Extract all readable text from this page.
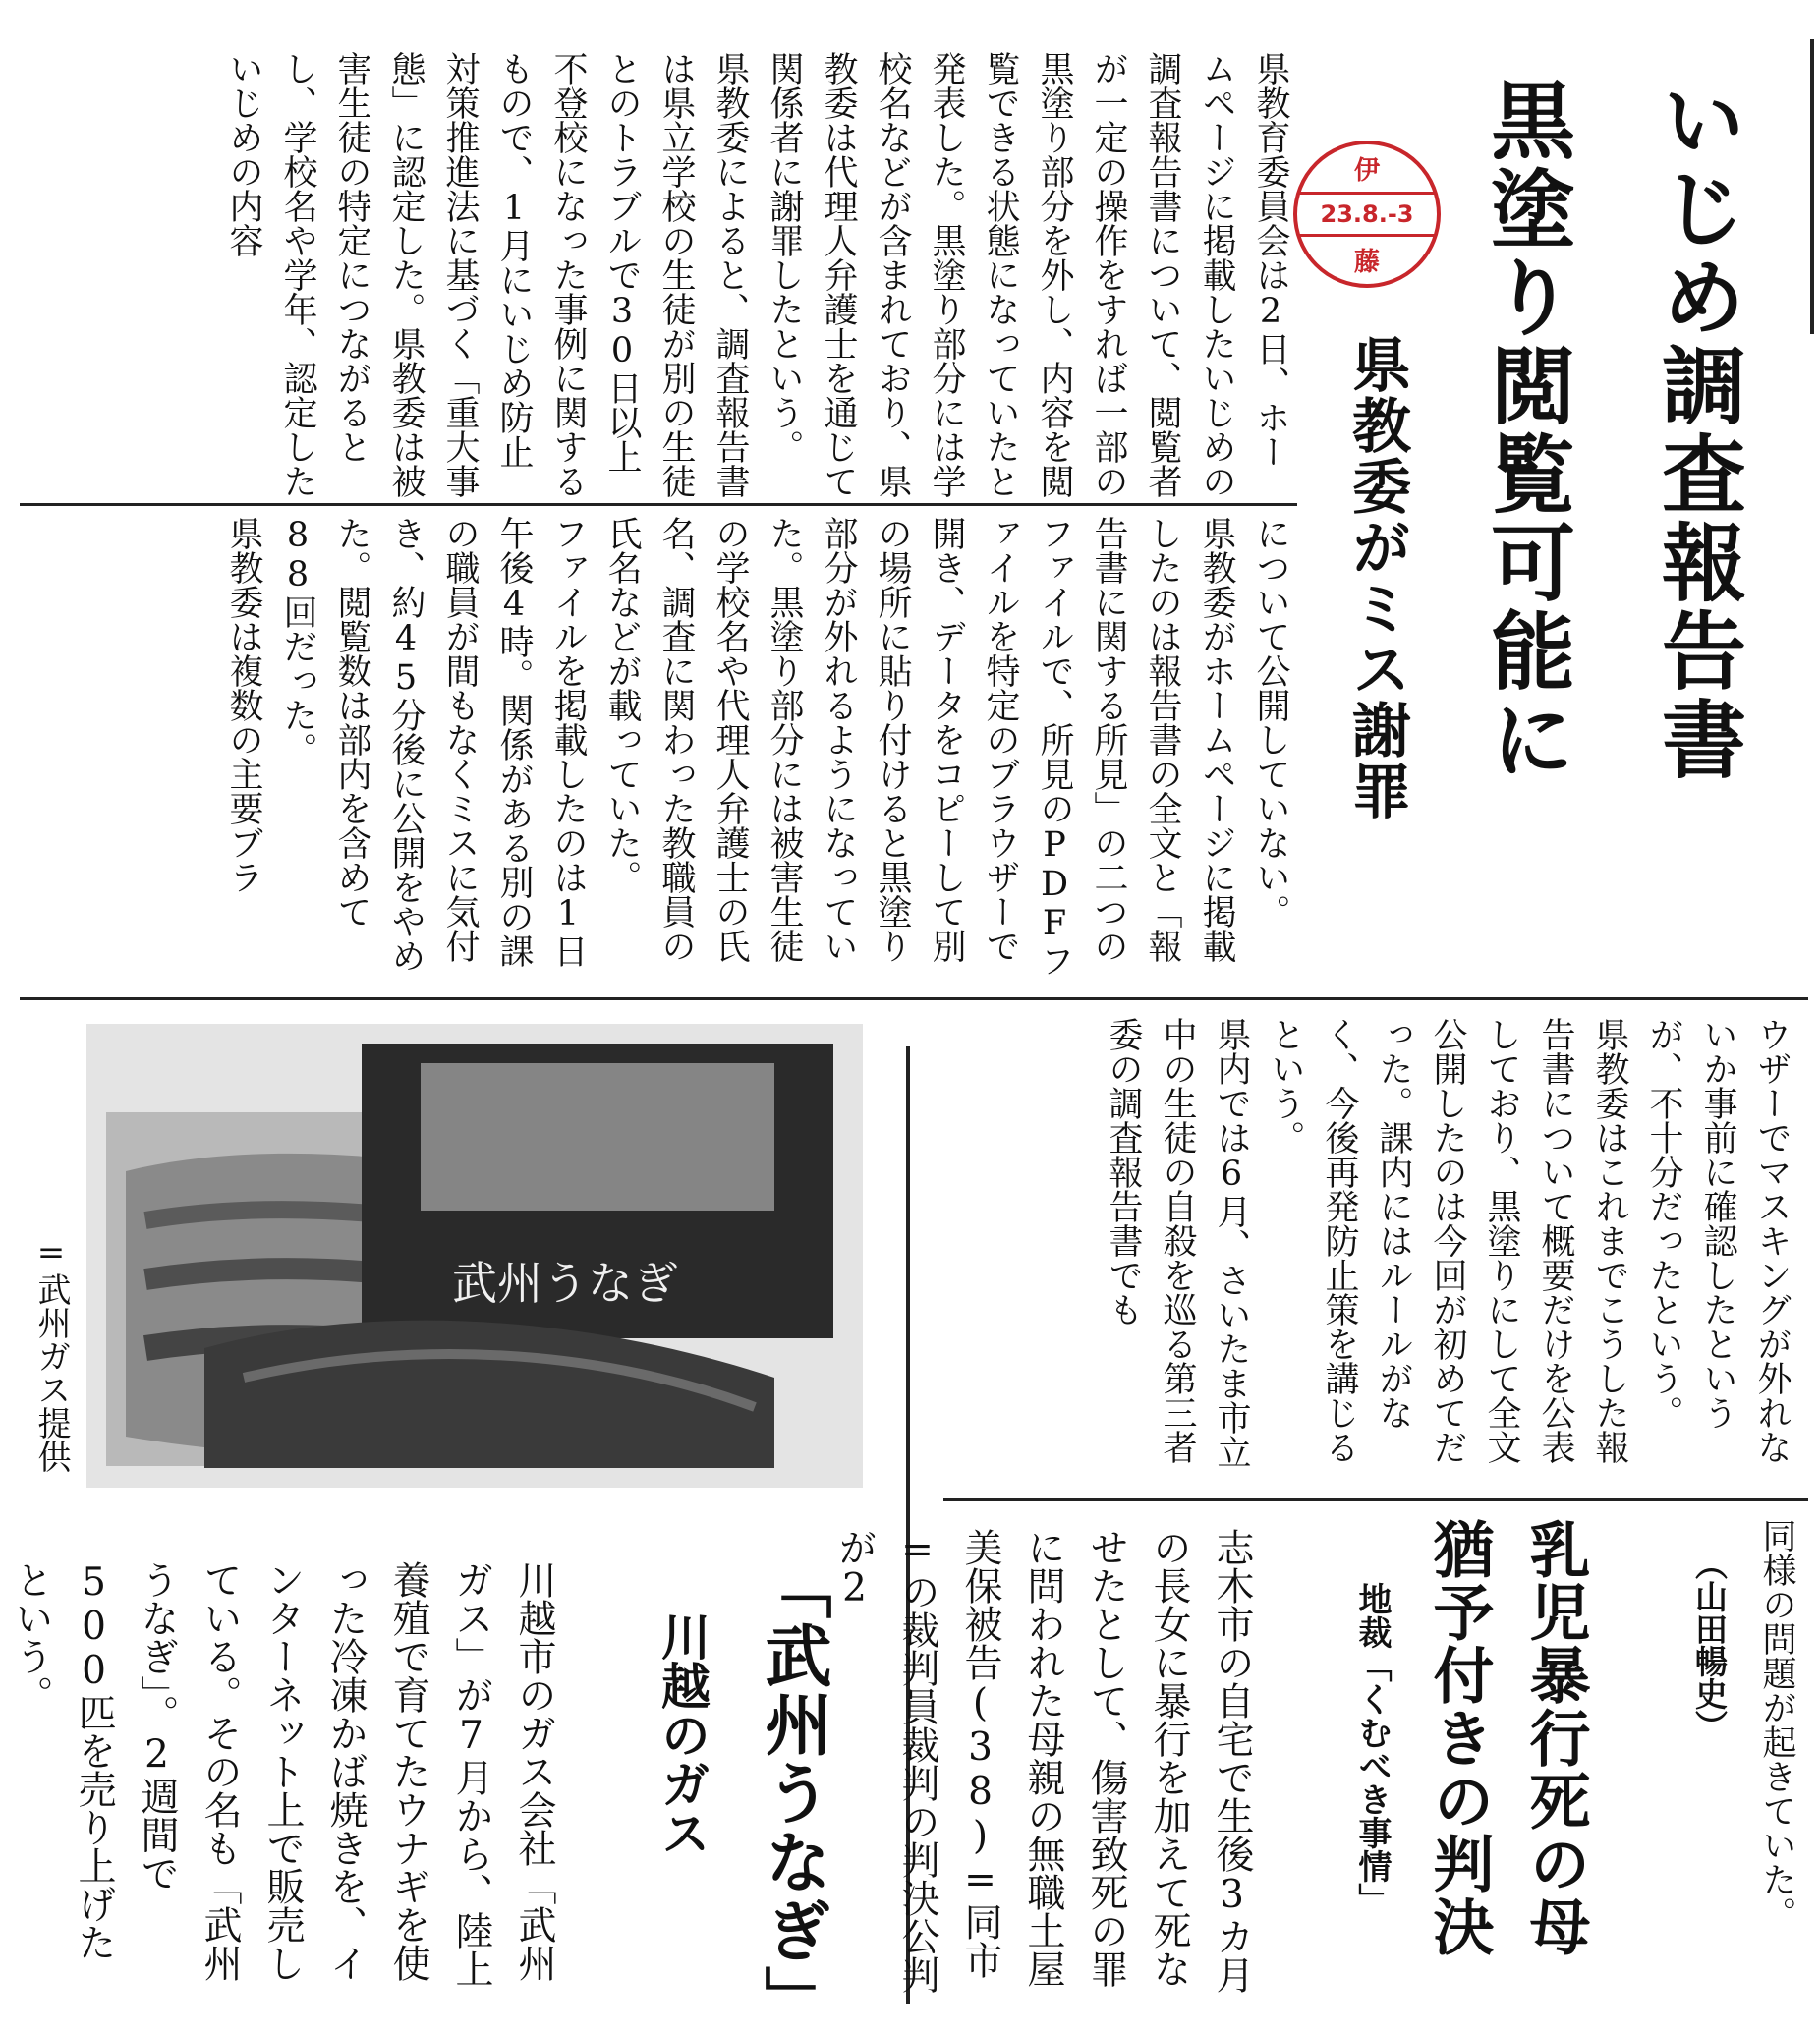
いじめ調査報告書
黒塗り閲覧可能に
県教委がミス謝罪
伊
23.8.-3
藤
県教育委員会は2日、ホームページに掲載したいじめの調査報告書について、閲覧者が一定の操作をすれば一部の黒塗り部分を外し、内容を閲覧できる状態になっていたと発表した。黒塗り部分には学校名などが含まれており、県教委は代理人弁護士を通じて関係者に謝罪したという。
県教委によると、調査報告書は県立学校の生徒が別の生徒とのトラブルで30日以上不登校になった事例に関するもので、1月にいじめ防止対策推進法に基づく「重大事態」に認定した。県教委は被害生徒の特定につながるとし、学校名や学年、認定したいじめの内容
について公開していない。
県教委がホームページに掲載したのは報告書の全文と「報告書に関する所見」の二つのファイルで、所見のPDFファイルを特定のブラウザーで開き、データをコピーして別の場所に貼り付けると黒塗り部分が外れるようになっていた。黒塗り部分には被害生徒の学校名や代理人弁護士の氏名、調査に関わった教職員の氏名などが載っていた。
ファイルを掲載したのは1日午後4時。関係がある別の課の職員が間もなくミスに気付き、約45分後に公開をやめた。閲覧数は部内を含めて88回だった。
県教委は複数の主要ブラ
ウザーでマスキングが外れないか事前に確認したというが、不十分だったという。
県教委はこれまでこうした報告書について概要だけを公表しており、黒塗りにして全文公開したのは今回が初めてだった。課内にはルールがなく、今後再発防止策を講じるという。
県内では6月、さいたま市立中の生徒の自殺を巡る第三者委の調査報告書でも
同様の問題が起きていた。
（山田暢史）
乳児暴行死の母
猶予付きの判決
地裁「くむべき事情」
志木市の自宅で生後3カ月の長女に暴行を加えて死なせたとして、傷害致死の罪に問われた母親の無職土屋美保被告(38)=同市=の裁判員裁判の判決公判が2
武州うなぎ
=武州ガス提供
「武州うなぎ」
川越のガス
川越市のガス会社「武州ガス」が7月から、陸上養殖で育てたウナギを使った冷凍かば焼きを、インターネット上で販売している。その名も「武州うなぎ」。2週間で500匹を売り上げたという。
